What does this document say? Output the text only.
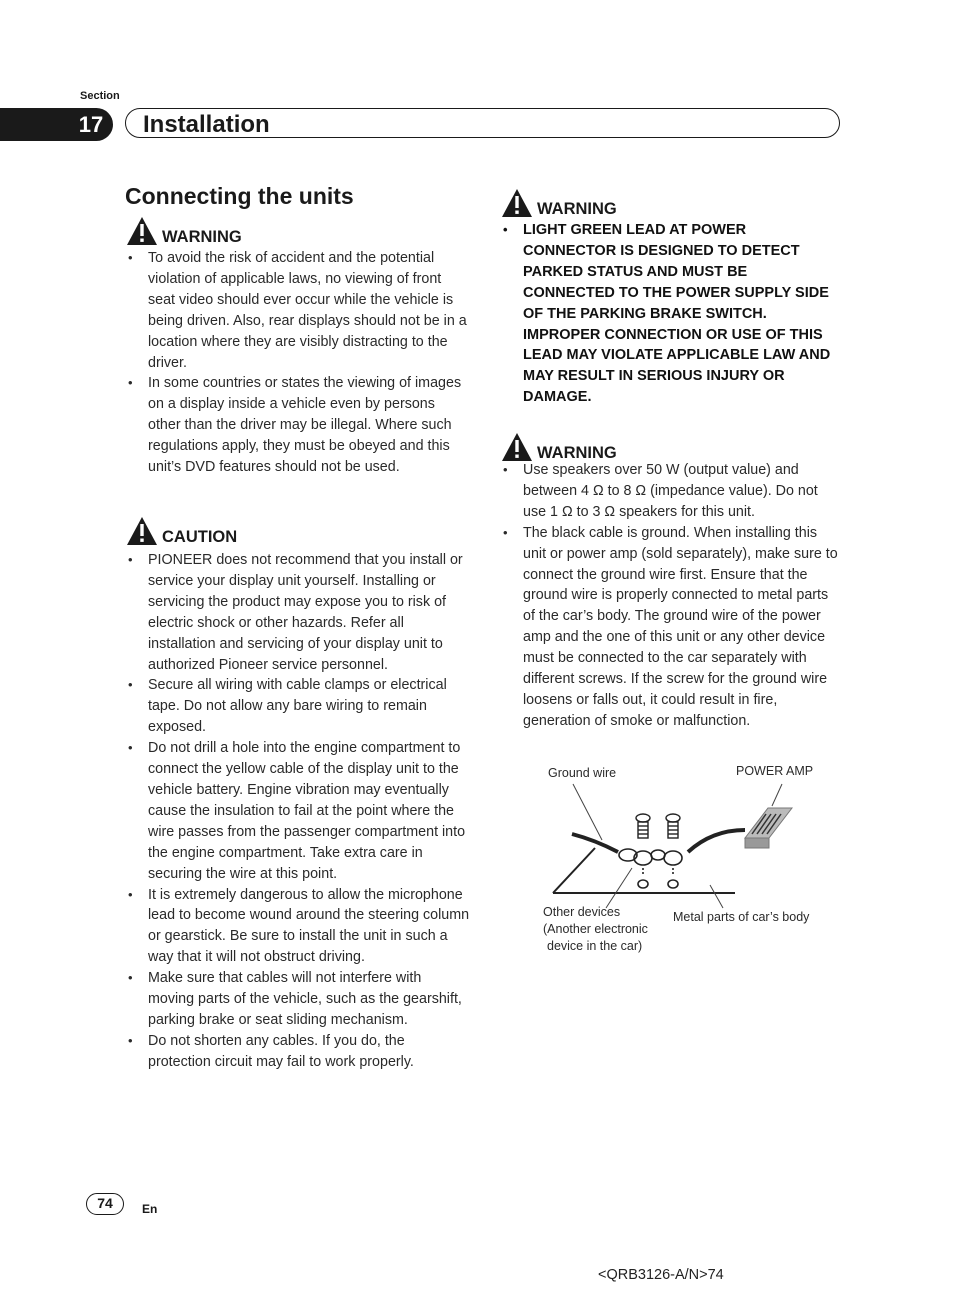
Section
17 Installation
Connecting the units
WARNING
• To avoid the risk of accident and the potential violation of applicable laws, no viewing of front seat video should ever occur while the vehicle is being driven. Also, rear displays should not be in a location where they are visibly distracting to the driver.
• In some countries or states the viewing of images on a display inside a vehicle even by persons other than the driver may be illegal. Where such regulations apply, they must be obeyed and this unit’s DVD features should not be used.
CAUTION
• PIONEER does not recommend that you install or service your display unit yourself. Installing or servicing the product may expose you to risk of electric shock or other hazards. Refer all installation and servicing of your display unit to authorized Pioneer service personnel.
• Secure all wiring with cable clamps or electrical tape. Do not allow any bare wiring to remain exposed.
• Do not drill a hole into the engine compartment to connect the yellow cable of the display unit to the vehicle battery. Engine vibration may eventually cause the insulation to fail at the point where the wire passes from the passenger compartment into the engine compartment. Take extra care in securing the wire at this point.
• It is extremely dangerous to allow the microphone lead to become wound around the steering column or gearstick. Be sure to install the unit in such a way that it will not obstruct driving.
• Make sure that cables will not interfere with moving parts of the vehicle, such as the gearshift, parking brake or seat sliding mechanism.
• Do not shorten any cables. If you do, the protection circuit may fail to work properly.
WARNING
• LIGHT GREEN LEAD AT POWER CONNECTOR IS DESIGNED TO DETECT PARKED STATUS AND MUST BE CONNECTED TO THE POWER SUPPLY SIDE OF THE PARKING BRAKE SWITCH. IMPROPER CONNECTION OR USE OF THIS LEAD MAY VIOLATE APPLICABLE LAW AND MAY RESULT IN SERIOUS INJURY OR DAMAGE.
WARNING
• Use speakers over 50 W (output value) and between 4 Ω to 8 Ω (impedance value). Do not use 1 Ω to 3 Ω speakers for this unit.
• The black cable is ground. When installing this unit or power amp (sold separately), make sure to connect the ground wire first. Ensure that the ground wire is properly connected to metal parts of the car’s body. The ground wire of the power amp and the one of this unit or any other device must be connected to the car separately with different screws. If the screw for the ground wire loosens or falls out, it could result in fire, generation of smoke or malfunction.
Ground wire	POWER AMP
Other devices
(Another electronic
device in the car)
Metal parts of car’s body
74	En
<QRB3126-A/N>74
